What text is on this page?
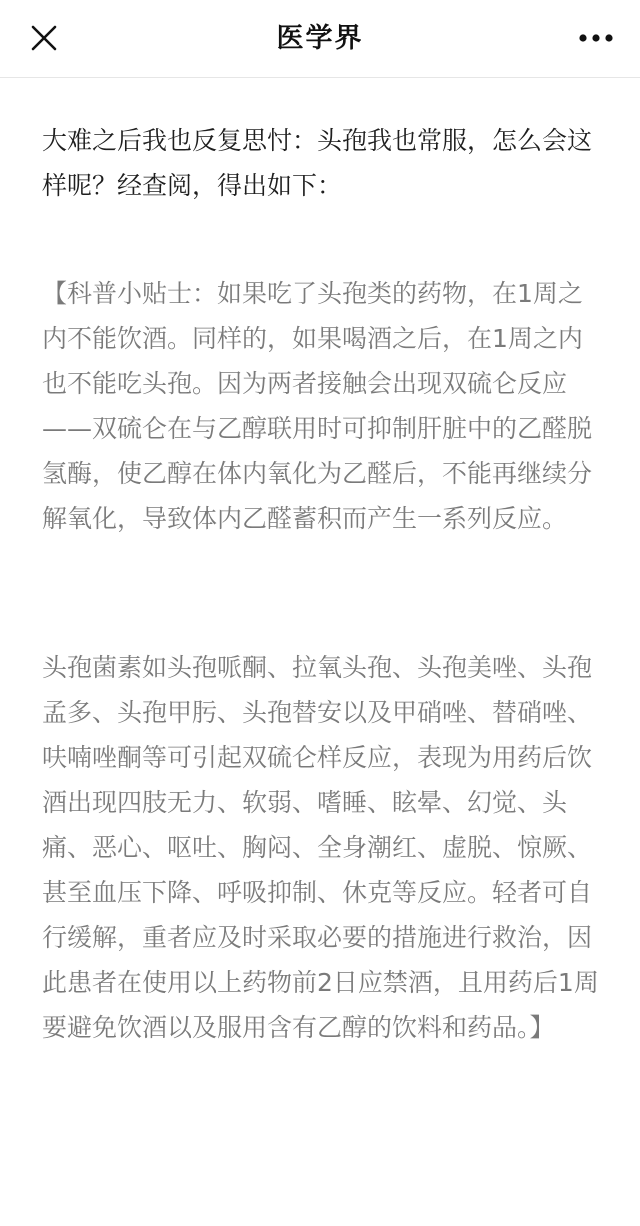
医学界

大难之后我也反复思忖：头孢我也常服，怎么会这样呢？经查阅，得出如下：

【科普小贴士：如果吃了头孢类的药物，在1周之内不能饮酒。同样的，如果喝酒之后，在1周之内也不能吃头孢。因为两者接触会出现双硫仑反应——双硫仑在与乙醇联用时可抑制肝脏中的乙醛脱氢酶，使乙醇在体内氧化为乙醛后，不能再继续分解氧化，导致体内乙醛蓄积而产生一系列反应。

头孢菌素如头孢哌酮、拉氧头孢、头孢美唑、头孢孟多、头孢甲肟、头孢替安以及甲硝唑、替硝唑、呋喃唑酮等可引起双硫仑样反应，表现为用药后饮酒出现四肢无力、软弱、嗜睡、眩晕、幻觉、头痛、恶心、呕吐、胸闷、全身潮红、虚脱、惊厥、甚至血压下降、呼吸抑制、休克等反应。轻者可自行缓解，重者应及时采取必要的措施进行救治，因此患者在使用以上药物前2日应禁酒，且用药后1周要避免饮酒以及服用含有乙醇的饮料和药品。】
